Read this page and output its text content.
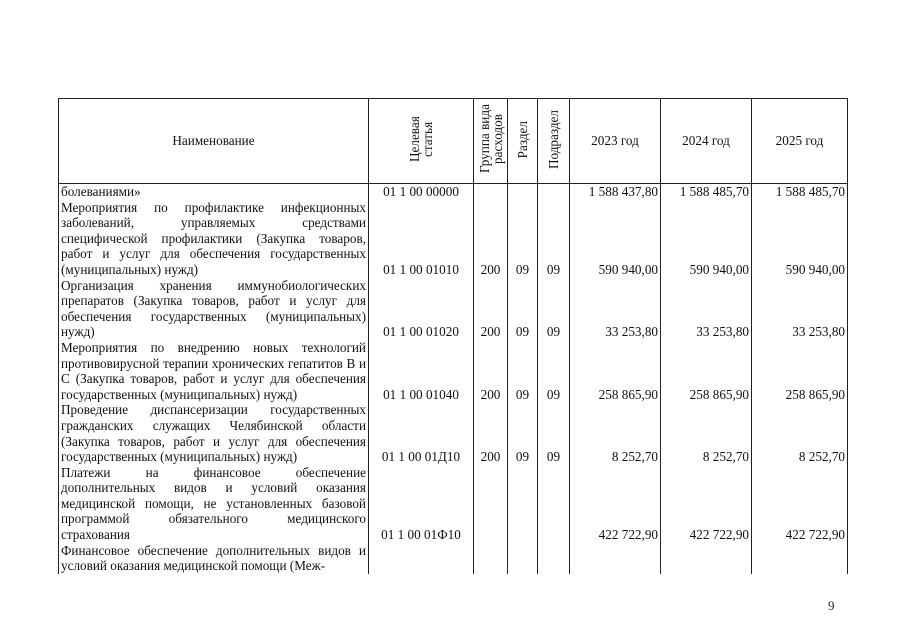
Наименование	Целевая статья	Группа вида расходов	Раздел	Подраздел	2023 год	2024 год	2025 год
болеваниями»	01 1 00 00000				1 588 437,80	1 588 485,70	1 588 485,70
Мероприятия по профилактике инфекционных заболеваний, управляемых средствами специфической профилактики (Закупка товаров, работ и услуг для обеспечения государственных (муниципальных) нужд)	01 1 00 01010	200	09	09	590 940,00	590 940,00	590 940,00
Организация хранения иммунобиологических препаратов (Закупка товаров, работ и услуг для обеспечения государственных (муниципальных) нужд)	01 1 00 01020	200	09	09	33 253,80	33 253,80	33 253,80
Мероприятия по внедрению новых технологий противовирусной терапии хронических гепатитов В и С (Закупка товаров, работ и услуг для обеспечения государственных (муниципальных) нужд)	01 1 00 01040	200	09	09	258 865,90	258 865,90	258 865,90
Проведение диспансеризации государственных гражданских служащих Челябинской области (Закупка товаров, работ и услуг для обеспечения государственных (муниципальных) нужд)	01 1 00 01Д10	200	09	09	8 252,70	8 252,70	8 252,70
Платежи на финансовое обеспечение дополнительных видов и условий оказания медицинской помощи, не установленных базовой программой обязательного медицинского страхования	01 1 00 01Ф10				422 722,90	422 722,90	422 722,90
Финансовое обеспечение дополнительных видов и условий оказания медицинской помощи (Меж-							
9
